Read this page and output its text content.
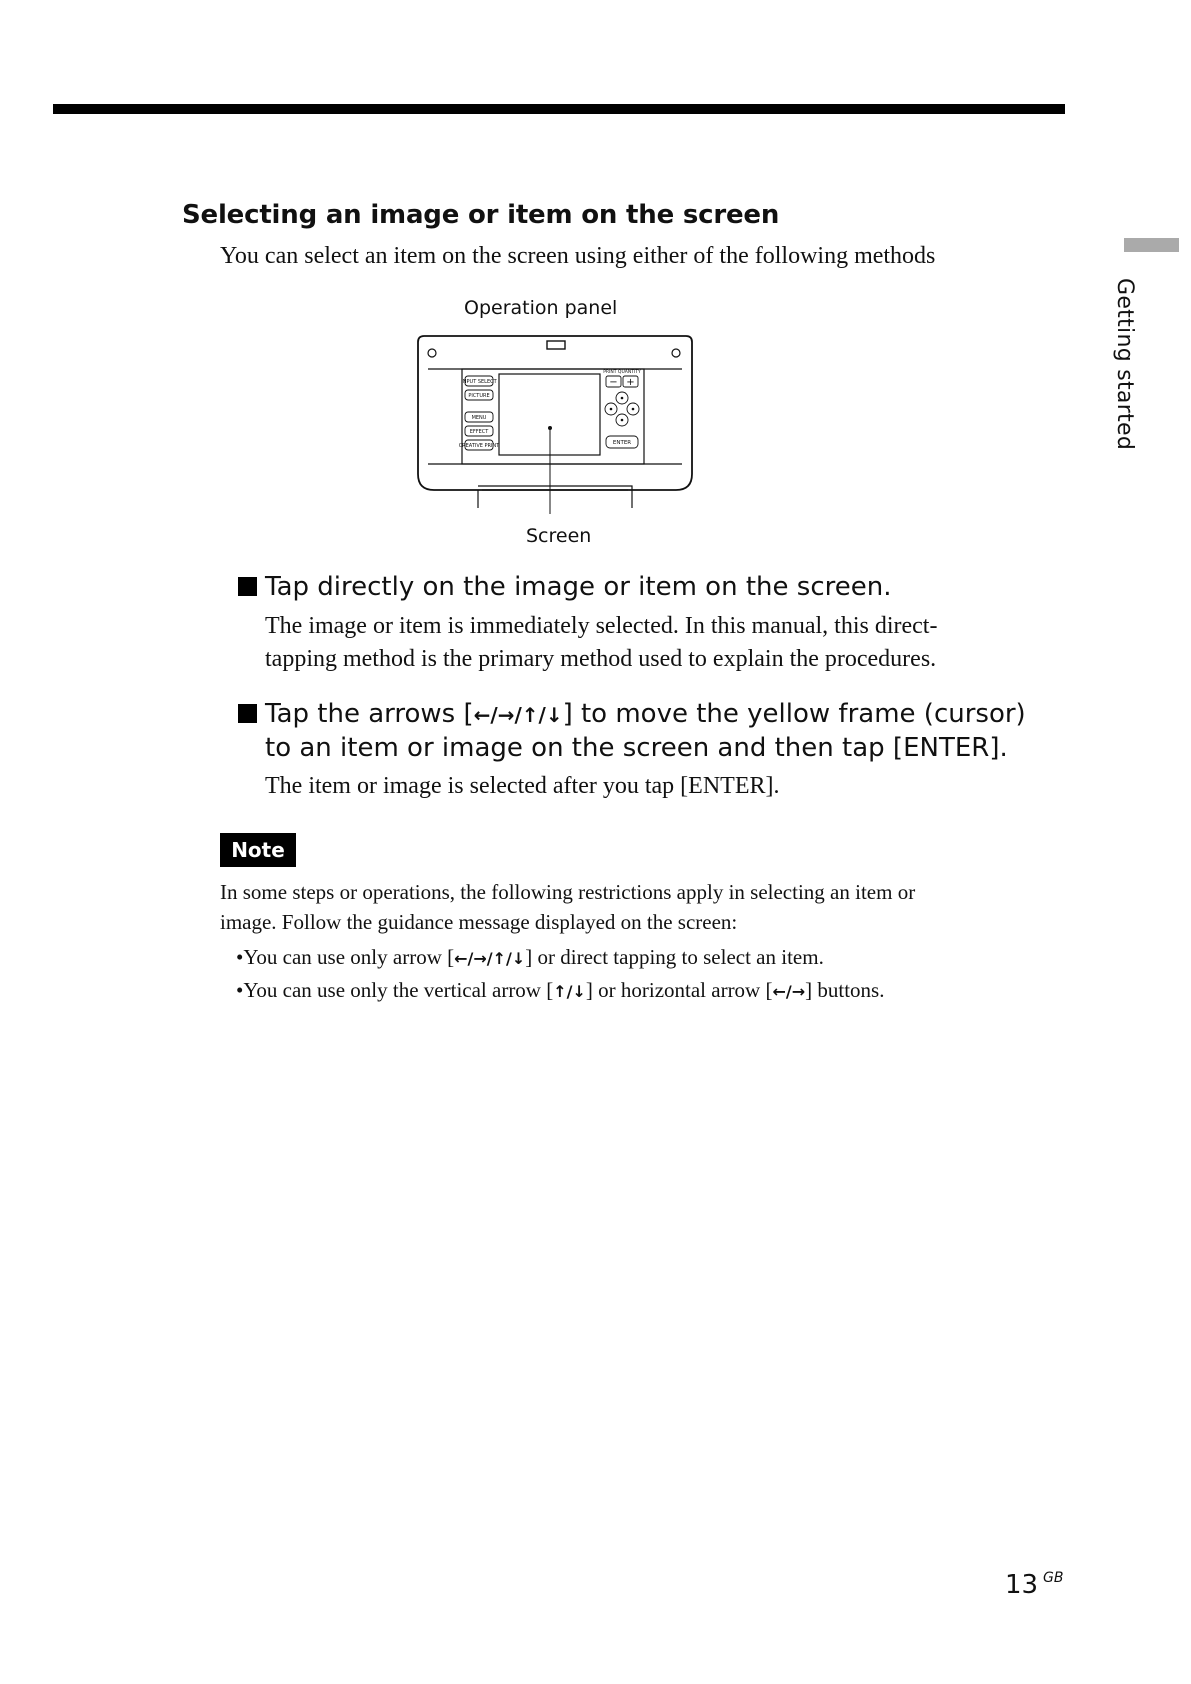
Getting started
Selecting an image or item on the screen

You can select an item on the screen using either of the following methods

Operation panel
INPUT SELECT
PICTURE
MENU
EFFECT
CREATIVE PRINT
PRINT QUANTITY
− +
ENTER
Screen
Tap directly on the image or item on the screen.

The image or item is immediately selected. In this manual, this direct-
tapping method is the primary method used to explain the procedures.

Tap the arrows [←/→/↑/↓] to move the yellow frame (cursor)
to an item or image on the screen and then tap [ENTER].

The item or image is selected after you tap [ENTER].

Note

In some steps or operations, the following restrictions apply in selecting an item or
image. Follow the guidance message displayed on the screen:

•You can use only arrow [←/→/↑/↓] or direct tapping to select an item.

•You can use only the vertical arrow [↑/↓] or horizontal arrow [←/→] buttons.

13 GB
